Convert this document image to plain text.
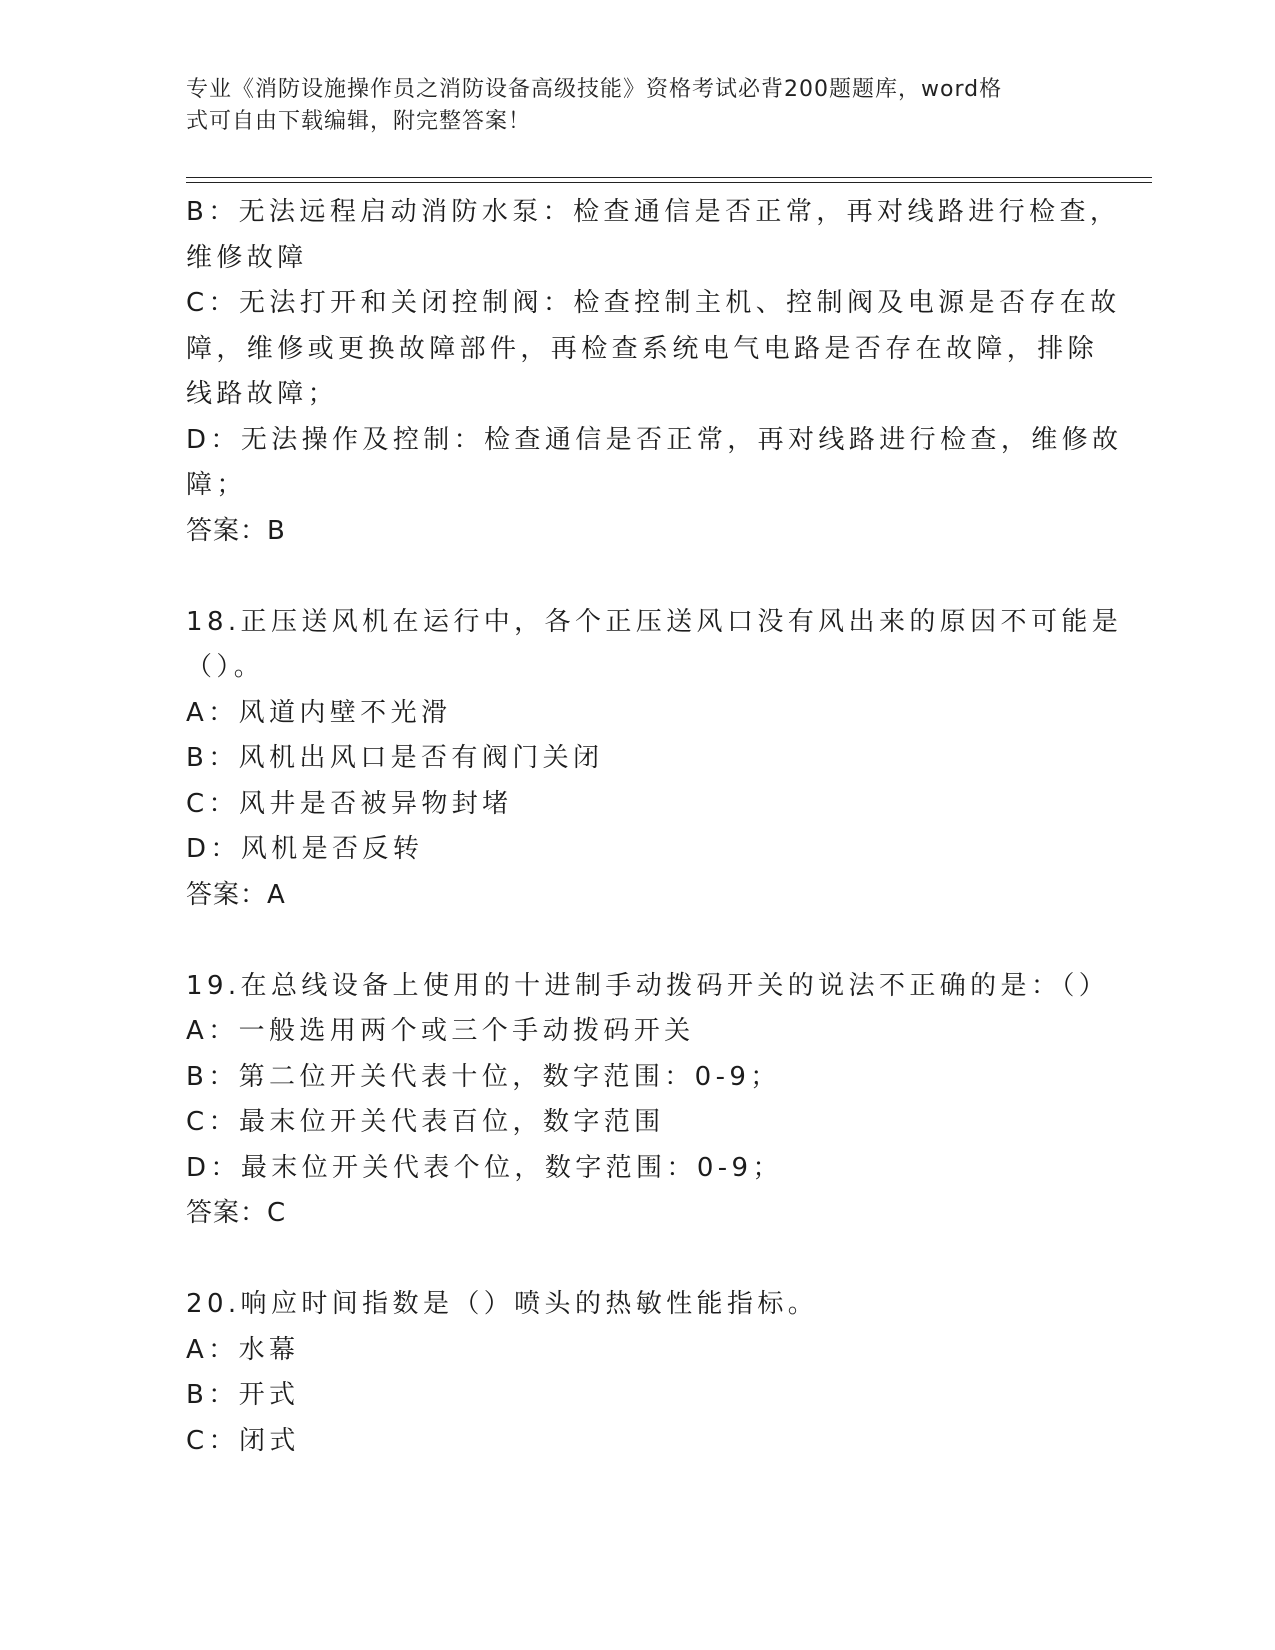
专业《消防设施操作员之消防设备高级技能》资格考试必背200题题库，word格
式可自由下载编辑，附完整答案！
B：无法远程启动消防水泵：检查通信是否正常，再对线路进行检查，
维修故障
C：无法打开和关闭控制阀：检查控制主机、控制阀及电源是否存在故
障，维修或更换故障部件，再检查系统电气电路是否存在故障，排除
线路故障；
D：无法操作及控制：检查通信是否正常，再对线路进行检查，维修故
障；
答案：B
18.正压送风机在运行中，各个正压送风口没有风出来的原因不可能是
（）。
A：风道内壁不光滑
B：风机出风口是否有阀门关闭
C：风井是否被异物封堵
D：风机是否反转
答案：A
19.在总线设备上使用的十进制手动拨码开关的说法不正确的是：（）
A：一般选用两个或三个手动拨码开关
B：第二位开关代表十位，数字范围：0-9；
C：最末位开关代表百位，数字范围
D：最末位开关代表个位，数字范围：0-9；
答案：C
20.响应时间指数是（）喷头的热敏性能指标。
A：水幕
B：开式
C：闭式
